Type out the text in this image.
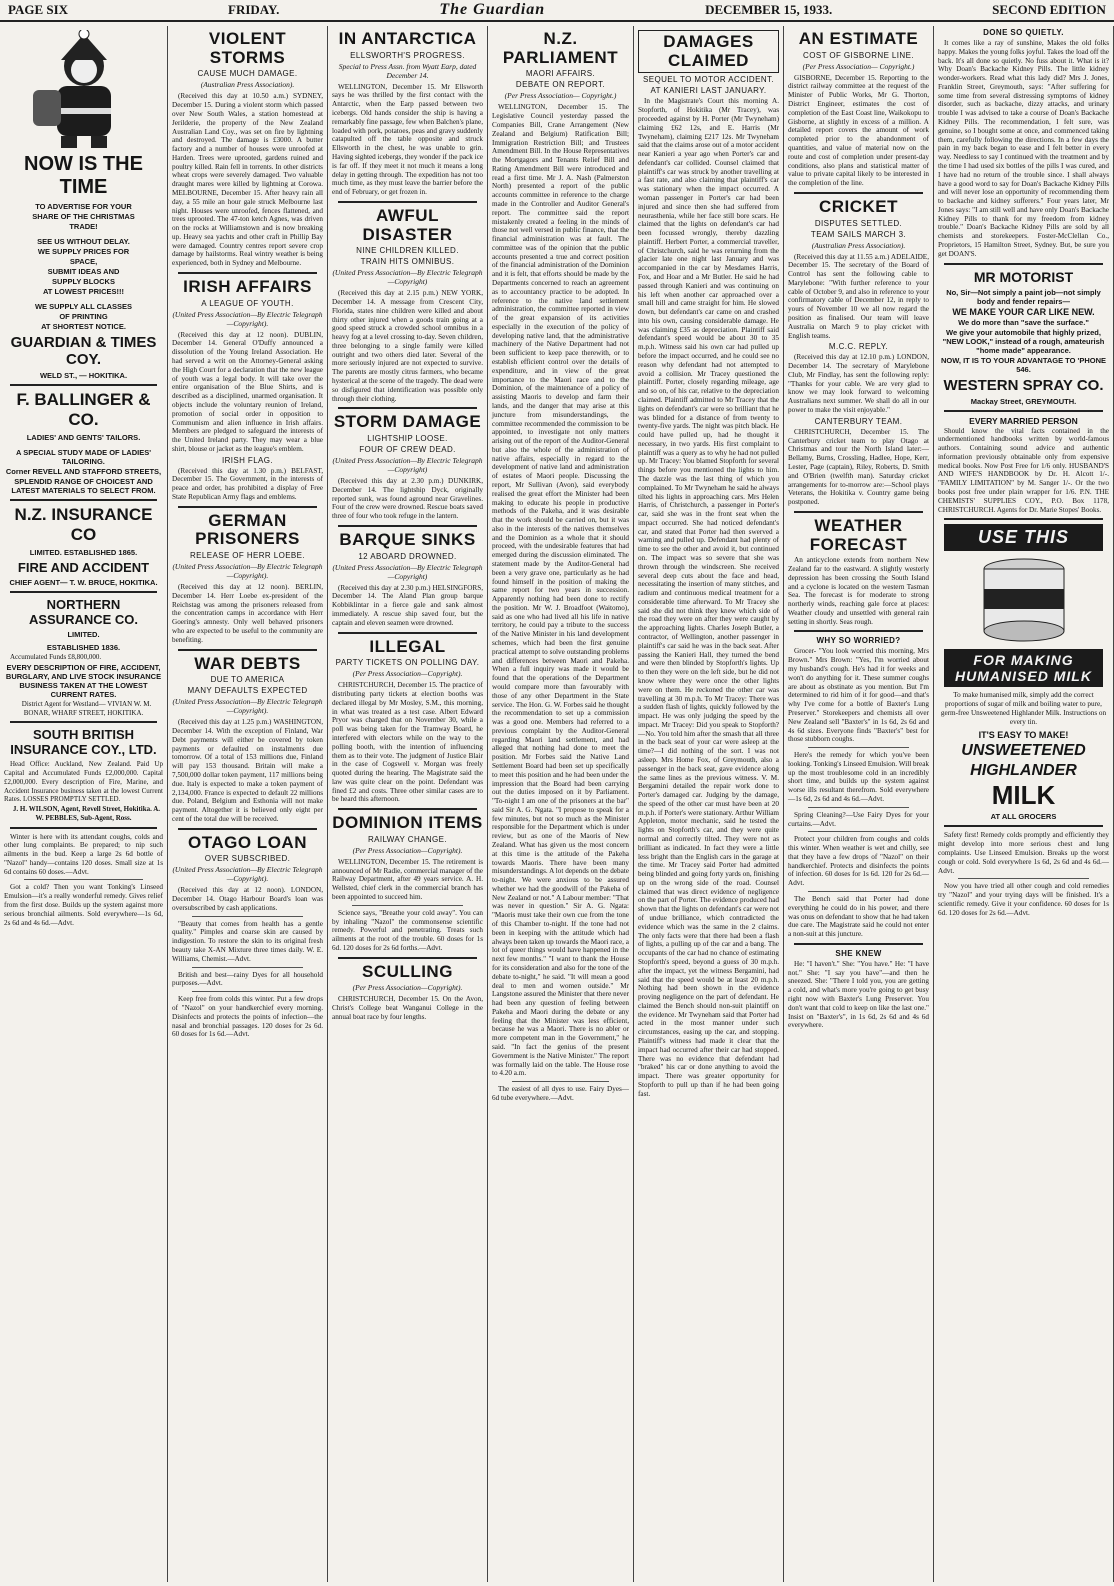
PAGE SIX	FRIDAY.	The Guardian	DECEMBER 15, 1933.	SECOND EDITION
NOW IS THE TIME
TO ADVERTISE FOR YOUR
SHARE OF THE CHRISTMAS
TRADE!
SEE US WITHOUT DELAY.
WE SUPPLY PRICES FOR
SPACE,
SUBMIT IDEAS AND
SUPPLY BLOCKS
AT LOWEST PRICES!!!
WE SUPPLY ALL CLASSES
OF PRINTING
AT SHORTEST NOTICE.
GUARDIAN & TIMES COY.
WELD ST., — HOKITIKA.
F. BALLINGER & CO.
LADIES' AND GENTS' TAILORS.
A SPECIAL STUDY MADE OF LADIES' TAILORING.
Corner REVELL AND STAFFORD STREETS,
SPLENDID RANGE OF CHOICEST AND LATEST MATERIALS TO SELECT FROM.
N.Z. INSURANCE CO
LIMITED. ESTABLISHED 1865.
FIRE AND ACCIDENT
CHIEF AGENT— T. W. BRUCE, HOKITIKA.
NORTHERN ASSURANCE CO.
LIMITED.
ESTABLISHED 1836.

Accumulated Funds £8,800,000.

EVERY DESCRIPTION OF FIRE, ACCIDENT, BURGLARY, AND LIVE STOCK INSURANCE BUSINESS TAKEN AT THE LOWEST CURRENT RATES.

District Agent for Westland— VIVIAN W. M. BONAR, WHARF STREET, HOKITIKA.

SOUTH BRITISH INSURANCE COY., LTD.

Head Office: Auckland, New Zealand. Paid Up Capital and Accumulated Funds £2,000,000. Capital £2,000,000. Every description of Fire, Marine, and Accident Insurance business taken at the lowest Current Rates. LOSSES PROMPTLY SETTLED.

J. H. WILSON, Agent, Revell Street, Hokitika. A. W. PEBBLES, Sub-Agent, Ross.

Winter is here with its attendant coughs, colds and other lung complaints. Be prepared; to nip such ailments in the bud. Keep a large 2s 6d bottle of "Nazol" handy—contains 120 doses. Small size at 1s 6d contains 60 doses.—Advt.

Got a cold? Then you want Tonking's Linseed Emulsion—it's a really wonderful remedy. Gives relief from the first dose. Builds up the system against more serious bronchial ailments. Sold everywhere—1s 6d, 2s 6d and 4s 6d.—Advt.

VIOLENT STORMS
CAUSE MUCH DAMAGE.
(Australian Press Association).

(Received this day at 10.50 a.m.) SYDNEY, December 15. During a violent storm which passed over New South Wales, a station homestead at Jerilderie, the property of the New Zealand Australian Land Coy., was set on fire by lightning and destroyed. The damage is £3000. A butter factory and a number of houses were unroofed at Harden. Trees were uprooted, gardens ruined and poultry killed. Rain fell in torrents. In other districts wheat crops were severely damaged. Two valuable draught mares were killed by lightning at Corowa. MELBOURNE, December 15. After heavy rain all day, a 55 mile an hour gale struck Melbourne last night. Houses were unroofed, fences flattened, and trees uprooted. The 47-ton ketch Agnes, was driven on the rocks at Williamstown and is now breaking up. Heavy sea yachts and other craft in Phillip Bay were damaged. Country centres report severe crop damage by hailstorms. Real wintry weather is being experienced, both in Sydney and Melbourne.

IRISH AFFAIRS
A LEAGUE OF YOUTH.
(United Press Association—By Electric Telegraph—Copyright).

(Received this day at 12 noon). DUBLIN, December 14. General O'Duffy announced a dissolution of the Young Ireland Association. He had served a writ on the Attorney-General asking the High Court for a declaration that the new league of youth was a legal body. It will take over the entire organisation of the Blue Shirts, and is described as a disciplined, unarmed organisation. It objects include the voluntary reunion of Ireland, promotion of social order in opposition to Communism and alien influence in Irish affairs. Members are pledged to safeguard the interests of the United Ireland party. They may wear a blue shirt, blouse or jacket as the league's emblem.

IRISH FLAG.

(Received this day at 1.30 p.m.) BELFAST, December 15. The Government, in the interests of peace and order, has prohibited a display of Free State Republican Army flags and emblems.

GERMAN PRISONERS
RELEASE OF HERR LOEBE.
(United Press Association—By Electric Telegraph—Copyright).

(Received this day at 12 noon). BERLIN, December 14. Herr Loebe ex-president of the Reichstag was among the prisoners released from the concentration camps in accordance with Herr Goering's amnesty. Only well behaved prisoners who are expected to be useful to the community are benefiting.

WAR DEBTS
DUE TO AMERICA
MANY DEFAULTS EXPECTED
(United Press Association—By Electric Telegraph—Copyright).

(Received this day at 1.25 p.m.) WASHINGTON, December 14. With the exception of Finland, War Debt payments will either be covered by token payments or defaulted on instalments due tomorrow. Of a total of 153 millions due, Finland will pay 153 thousand. Britain will make a 7,500,000 dollar token payment, 117 millions being due. Italy is expected to make a token payment of 2,134,000. France is expected to default 22 millions due. Poland, Belgium and Esthonia will not make payment. Altogether it is believed only eight per cent of the total due will be received.

OTAGO LOAN
OVER SUBSCRIBED.
(United Press Association—By Electric Telegraph—Copyright).

(Received this day at 12 noon). LONDON, December 14. Otago Harbour Board's loan was oversubscribed by cash applications.

"Beauty that comes from health has a gentle quality." Pimples and coarse skin are caused by indigestion. To restore the skin to its original fresh beauty take X-AN Mixture three times daily. W. E. Williams, Chemist.—Advt.

British and best—rainy Dyes for all household purposes.—Advt.

Keep free from colds this winter. Put a few drops of "Nazol" on your handkerchief every morning. Disinfects and protects the points of infection—the nasal and bronchial passages. 120 doses for 2s 6d. 60 doses for 1s 6d.—Advt.

IN ANTARCTICA
ELLSWORTH'S PROGRESS.
Special to Press Assn. from Wyatt Earp, dated December 14.

WELLINGTON, December 15. Mr Ellsworth says he was thrilled by the first contact with the Antarctic, when the Earp passed between two icebergs. Old hands consider the ship is having a remarkably fine passage, few when Balchen's plane, loaded with pork, potatoes, peas and gravy suddenly catapulted off the table opposite and struck Ellsworth in the chest, he was unable to grin. Having sighted icebergs, they wonder if the pack ice is far off. If they meet it not much it means a long delay in getting through. The expedition has not too much time, as they must leave the barrier before the end of February, or get frozen in.

AWFUL DISASTER
NINE CHILDREN KILLED.
TRAIN HITS OMNIBUS.
(United Press Association—By Electric Telegraph—Copyright)

(Received this day at 2.15 p.m.) NEW YORK, December 14. A message from Crescent City, Florida, states nine children were killed and about thirty other injured when a goods train going at a good speed struck a crowded school omnibus in a heavy fog at a level crossing to-day. Seven children, three belonging to a single family were killed outright and two others died later. Several of the more seriously injured are not expected to survive. The parents are mostly citrus farmers, who became hysterical at the scene of the tragedy. The dead were so disfigured that identification was possible only through their clothing.

STORM DAMAGE
LIGHTSHIP LOOSE.
FOUR OF CREW DEAD.
(United Press Association—By Electric Telegraph—Copyright)

(Received this day at 2.30 p.m.) DUNKIRK, December 14. The lightship Dyck, originally reported sunk, was found aground near Gravelines. Four of the crew were drowned. Rescue boats saved three of four who took refuge in the lantern.

BARQUE SINKS
12 ABOARD DROWNED.
(United Press Association—By Electric Telegraph—Copyright)

(Received this day at 2.30 p.m.) HELSINGFORS, December 14. The Aland Plan group barque Kobbiklintar in a fierce gale and sank almost immediately. A rescue ship saved four, but the captain and eleven seamen were drowned.

ILLEGAL
PARTY TICKETS ON POLLING DAY.
(Per Press Association—Copyright).

CHRISTCHURCH, December 15. The practice of distributing party tickets at election booths was declared illegal by Mr Mosley, S.M., this morning, in what was treated as a test case. Albert Edward Pryor was charged that on November 30, while a poll was being taken for the Tramway Board, he interfered with electors while on the way to the polling booth, with the intention of influencing them as to their vote. The judgment of Justice Blair in the case of Cogswell v. Morgan was freely quoted during the hearing. The Magistrate said the law was quite clear on the point. Defendant was fined £2 and costs. Three other similar cases are to be heard this afternoon.

DOMINION ITEMS
RAILWAY CHANGE.
(Per Press Association—Copyright).

WELLINGTON, December 15. The retirement is announced of Mr Radie, commercial manager of the Railway Department, after 49 years service. A. H. Wellsted, chief clerk in the commercial branch has been appointed to succeed him.

Science says, "Breathe your cold away". You can by inhaling "Nazol" the commonsense scientific remedy. Powerful and penetrating. Treats such ailments at the root of the trouble. 60 doses for 1s 6d. 120 doses for 2s 6d forths.—Advt.

SCULLING
(Per Press Association—Copyright).

CHRISTCHURCH, December 15. On the Avon, Christ's College beat Wanganui College in the annual boat race by four lengths.

N.Z. PARLIAMENT
MAORI AFFAIRS.
DEBATE ON REPORT.
(Per Press Association— Copyright.)

WELLINGTON, December 15. The Legislative Council yesterday passed the Companies Bill, Crane Arrangement (New Zealand and Belgium) Ratification Bill; Immigration Restriction Bill; and Trustees Amendment Bill. In the House Representatives the Mortgagors and Tenants Relief Bill and Rating Amendment Bill were introduced and read a first time. Mr J. A. Nash (Palmerston North) presented a report of the public accounts committee in reference to the charge made in the Controller and Auditor General's report. The committee said the report mistakenly created a feeling in the minds of those not well versed in public finance, that the financial administration was at fault. The committee was of the opinion that the public accounts presented a true and correct position of the financial administration of the Dominion and it is felt, that efforts should be made by the Departments concerned to reach an agreement as to accountancy practice to be adopted. In reference to the native land settlement administration, the committee reported in view of the great expansion of its activities especially in the execution of the policy of developing native land, that the administrative machinery of the Native Department had not been sufficient to keep pace therewith, or to establish efficient control over the details of expenditure, and in view of the great importance to the Maori race and to the Dominion, of the maintenance of a policy of assisting Maoris to develop and farm their lands, and the danger that may arise at this juncture from misunderstandings, the committee recommended the commission to be appointed, to investigate not only matters arising out of the report of the Auditor-General but also the whole of the administration of native affairs, especially in regard to the development of native land and administration of estates of Maori people. Discussing the report, Mr Sullivan (Avon), said everybody realised the great effort the Minister had been making to educate his people in productive methods of the Pakeha, and it was desirable that the work should be carried on, but it was also in the interests of the natives themselves and the Dominion as a whole that it should proceed, with the undesirable features that had emerged during the discussion eliminated. The statement made by the Auditor-General had been a very grave one, particularly as he had found himself in the position of making the same report for two years in succession. Apparently nothing had been done to rectify the position. Mr W. J. Broadfoot (Waitomo), said as one who had lived all his life in native territory, he could pay a tribute to the success of the Native Minister in his land development schemes, which had been the first genuine practical attempt to solve outstanding problems and differences between Maori and Pakeha. When a full inquiry was made it would be found that the operations of the Department would compare more than favourably with those of any other Department in the State service. The Hon. G. W. Forbes said he thought the recommendation to set up a commission was a good one. Members had referred to a previous complaint by the Auditor-General regarding Maori land settlement, and had alleged that nothing had done to meet the position. Mr Forbes said the Native Land Settlement Board had been set up specifically to meet this position and he had been under the impression that the Board had been carrying out the duties imposed on it by Parliament. "To-night I am one of the prisoners at the bar" said Sir A. G. Ngata. "I propose to speak for a few minutes, but not so much as the Minister responsible for the Department which is under review, but as one of the Maoris of New Zealand. What has given us the most concern at this time is the attitude of the Pakeha towards Maoris. There have been many misunderstandings. A lot depends on the debate to-night. We were anxious to be assured whether we had the goodwill of the Pakeha of New Zealand or not." A Labour member: "That was never in question." Sir A. G. Ngata: "Maoris must take their own cue from the tone of this Chamber to-night. If the tone had not been in keeping with the attitude which had always been taken up towards the Maori race, a lot of queer things would have happened in the next few months." "I want to thank the House for its consideration and also for the tone of the debate to-night," he said. "It will mean a good deal to men and women outside." Mr Langstone assured the Minister that there never had been any question of feeling between Pakeha and Maori during the debate or any feeling that the Minister was less efficient, because he was a Maori. There is no abler or more competent man in the Government," he said. "In fact the genius of the present Government is the Native Minister." The report was formally laid on the table. The House rose to 4.20 a.m.

The easiest of all dyes to use. Fairy Dyes—6d tube everywhere.—Advt.

DAMAGES CLAIMED
SEQUEL TO MOTOR ACCIDENT.
AT KANIERI LAST JANUARY.

In the Magistrate's Court this morning A. Stopforth, of Hokitika (Mr Tracey), was proceeded against by H. Porter (Mr Twyneham) claiming £62 12s, and E. Harris (Mr Twyneham), claiming £217 12s. Mr Twyneham said that the claims arose out of a motor accident near Kanieri a year ago when Porter's car and defendant's car collided. Counsel claimed that plaintiff's car was struck by another travelling at a fast rate, and also claiming that plaintiff's car was stationary when the impact occurred. A woman passenger in Porter's car had been injured and since then she had suffered from neurasthenia, while her face still bore scars. He claimed that the lights on defendant's car had been focussed wrongly, thereby dazzling plaintiff. Herbert Porter, a commercial traveller, of Christchurch, said he was returning from the glacier late one night last January and was accompanied in the car by Mesdames Harris, Fox, and Hoar and a Mr Butler. He said he had passed through Kanieri and was continuing on his left when another car approached over a small hill and came straight for him. He slowed down, but defendant's car came on and crashed into his own, causing considerable damage. He was claiming £35 as depreciation. Plaintiff said defendant's speed would be about 30 to 35 m.p.h. Witness said his own car had pulled up before the impact occurred, and he could see no reason why defendant had not attempted to avoid a collision. Mr Tracey questioned the plaintiff. Porter, closely regarding mileage, age and so on, of his car, relative to the depreciation claimed. Plaintiff admitted to Mr Tracey that the lights on defendant's car were so brilliant that he was blinded for a distance of from twenty to twenty-five yards. The night was pitch black. He could have pulled up, had he thought it necessary, in two yards. His first complaint to plaintiff was a query as to why he had not pulled up. Mr Tracey: You blamed Stopforth for several things before you mentioned the lights to him. The dazzle was the last thing of which you complained. To Mr Twyneham he said he always tilted his lights in approaching cars. Mrs Helen Harris, of Christchurch, a passenger in Porter's car, said she was in the front seat when the impact occurred. She had noticed defendant's car, and stated that Porter had then swerved a warning and pulled up. Defendant had plenty of time to see the other and avoid it, but continued on. The impact was so severe that she was thrown through the windscreen. She received several deep cuts about the face and head, necessitating the insertion of many stitches, and radium and continuous medical treatment for a considerable time afterward. To Mr Tracey she said she did not think they knew which side of the road they were on after they were caught by the approaching lights. Charles Joseph Butler, a contractor, of Wellington, another passenger in plaintiff's car said he was in the back seat. After passing the Kanieri Hall, they turned the bend and were then blinded by Stopforth's lights. Up to then they were on the left side, but he did not know where they were once the other lights were on them. He reckoned the other car was travelling at 30 m.p.h. To Mr Tracey: There was a sudden flash of lights, quickly followed by the impact. He was only judging the speed by the impact. Mr Tracey: Did you speak to Stopforth?—No. You told him after the smash that all three in the back seat of your car were asleep at the time?—I did nothing of the sort. I was not asleep. Mrs Home Fox, of Greymouth, also a passenger in the back seat, gave evidence along the same lines as the previous witness. V. M. Bergamini detailed the repair work done to Porter's damaged car. Judging by the damage, the speed of the other car must have been at 20 m.p.h. if Porter's were stationary. Arthur William Appleton, motor mechanic, said he tested the lights on Stopforth's car, and they were quite normal and correctly tilted. They were not as brilliant as indicated. In fact they were a little less bright than the English cars in the garage at the time. Mr Tracey said Porter had admitted being blinded and going forty yards on, finishing up on the wrong side of the road. Counsel claimed that was direct evidence of negligence on the part of Porter. The evidence produced had shown that the lights on defendant's car were not of undue brilliance, which contradicted the evidence which was the same in the 2 claims. The only facts were that there had been a flash of lights, a pulling up of the car and a bang. The occupants of the car had no chance of estimating Stopforth's speed, beyond a guess of 30 m.p.h. after the impact, yet the witness Bergamini, had said that the speed would be at least 20 m.p.h. Nothing had been shown in the evidence proving negligence on the part of defendant. He claimed the Bench should non-suit plaintiff on the evidence. Mr Twyneham said that Porter had acted in the most manner under such circumstances, easing up the car, and stopping. Plaintiff's witness had made it clear that the impact had occurred after their car had stopped. There was no evidence that defendant had "braked" his car or done anything to avoid the impact. There was greater opportunity for Stopforth to pull up than if he had been going fast.

AN ESTIMATE
COST OF GISBORNE LINE.
(Per Press Association— Copyright.)

GISBORNE, December 15. Reporting to the district railway committee at the request of the Minister of Public Works, Mr G. Thorton, District Engineer, estimates the cost of completion of the East Coast line, Waikokopu to Gisborne, at slightly in excess of a million. A detailed report covers the amount of work completed prior to the abandonment of quantities, and value of material now on the route and cost of completion under present-day conditions, also plans and statistical matter of value to private capital likely to be interested in the completion of the line.

CRICKET
DISPUTES SETTLED.
TEAM SAILS MARCH 3.
(Australian Press Association).

(Received this day at 11.55 a.m.) ADELAIDE, December 15. The secretary of the Board of Control has sent the following cable to Marylebone: "With further reference to your cable of October 9, and also in reference to your confirmatory cable of December 12, in reply to yours of November 10 we all now regard the position as finalised. Our team will leave Australia on March 9 to play cricket with English teams.

M.C.C. REPLY.

(Received this day at 12.10 p.m.) LONDON, December 14. The secretary of Marylebone Club, Mr Findlay, has sent the following reply: "Thanks for your cable. We are very glad to know we may look forward to welcoming Australians next summer. We shall do all in our power to make the visit enjoyable."

CANTERBURY TEAM.

CHRISTCHURCH, December 15. The Canterbury cricket team to play Otago at Christmas and tour the North Island later:—Bellamy, Burns, Crossling, Hadlee, Hope, Kerr, Lester, Page (captain), Riley, Roberts, D. Smith and O'Brien (twelfth man). Saturday cricket arrangements for to-morrow are:—School plays Veterans, the Hokitika v. Country game being postponed.

WEATHER FORECAST

An anticyclone extends from northern New Zealand far to the eastward. A slightly westerly depression has been crossing the South Island and a cyclone is located on the western Tasman Sea. The forecast is for moderate to strong northerly winds, reaching gale force at places: Weather cloudy and unsettled with general rain setting in shortly. Seas rough.

WHY SO WORRIED?

Grocer- "You look worried this morning, Mrs Brown." Mrs Brown: "Yes, I'm worried about my husband's cough. He's had it for weeks and won't do anything for it. These summer coughs are about as obstinate as you mention. But I'm determined to rid him of it for good—and that's why I've come for a bottle of Baxter's Lung Preserver." Storekeepers and chemists all over New Zealand sell "Baxter's" in 1s 6d, 2s 6d and 4s 6d sizes. Everyone finds "Baxter's" best for those stubborn coughs.

Here's the remedy for which you've been looking. Tonking's Linseed Emulsion. Will break up the most troublesome cold in an incredibly short time, and builds up the system against worse ills resultant therefrom. Sold everywhere—1s 6d, 2s 6d and 4s 6d.—Advt.

Spring Cleaning?—Use Fairy Dyes for your curtains.—Advt.

Protect your children from coughs and colds this winter. When weather is wet and chilly, see that they have a few drops of "Nazol" on their handkerchief. Protects and disinfects the points of infection. 60 doses for 1s 6d. 120 for 2s 6d.—Advt.

The Bench said that Porter had done everything he could do in his power, and there was onus on defendant to show that he had taken due care. The Magistrate said he could not enter a non-suit at this juncture.

SHE KNEW

He: "I haven't." She: "You have." He: "I have not." She: "I say you have"—and then he sneezed. She: "There I told you, you are getting a cold, and what's more you're going to get busy right now with Baxter's Lung Preserver. You don't want that cold to keep on like the last one." Insist on "Baxter's", in 1s 6d, 2s 6d and 4s 6d everywhere.

DONE SO QUIETLY.

It comes like a ray of sunshine, Makes the old folks happy. Makes the young folks joyful. Takes the load off the back. It's all done so quietly. No fuss about it. What is it? Why Doan's Backache Kidney Pills. The little kidney wonder-workers. Read what this lady did? Mrs J. Jones, Franklin Street, Greymouth, says: "After suffering for some time from several distressing symptoms of kidney disorder, such as backache, dizzy attacks, and urinary trouble I was advised to take a course of Doan's Backache Kidney Pills. The recommendation, I felt sure, was genuine, so I bought some at once, and commenced taking them, carefully following the directions. In a few days the pain in my back began to ease and I felt better in every way. Needless to say I continued with the treatment and by the time I had used six bottles of the pills I was cured, and I have had no return of the trouble since. I shall always have a good word to say for Doan's Backache Kidney Pills and will never lose an opportunity of recommending them to backache and kidney sufferers." Four years later, Mr Jones says: "I am still well and have only Doan's Backache Kidney Pills to thank for my freedom from kidney trouble." Doan's Backache Kidney Pills are sold by all chemists and storekeepers. Foster-McClellan Co., Proprietors, 15 Hamilton Street, Sydney. But, be sure you get DOAN'S.

MR MOTORIST
No, Sir—Not simply a paint job—not simply body and fender repairs—
WE MAKE YOUR CAR LIKE NEW.
We do more than "save the surface."
We give your automobile that highly prized, "NEW LOOK," instead of a rough, amateurish "home made" appearance.
NOW, IT IS TO YOUR ADVANTAGE TO 'PHONE 546.
WESTERN SPRAY CO.
Mackay Street, GREYMOUTH.
EVERY MARRIED PERSON

Should know the vital facts contained in the undermentioned handbooks written by world-famous authors. Containing sound advice and authentic information previously obtainable only from expensive medical books. Now Post Free for 1/6 only. HUSBAND'S AND WIFE'S HANDBOOK by Dr. H. Alcott 1/-. "FAMILY LIMITATION" by M. Sanger 1/-. Or the two books post free under plain wrapper for 1/6. P.N. THE CHEMISTS' SUPPLIES COY., P.O. Box 1178, CHRISTCHURCH. Agents for Dr. Marie Stopes' Books.

USE THIS
FOR MAKING HUMANISED MILK

To make humanised milk, simply add the correct proportions of sugar of milk and boiling water to pure, germ-free Unsweetened Highlander Milk. Instructions on every tin.

IT'S EASY TO MAKE!
UNSWEETENED
HIGHLANDER
MILK
AT ALL GROCERS

Safety first! Remedy colds promptly and efficiently they might develop into more serious chest and lung complaints. Use Linseed Emulsion. Breaks up the worst cough or cold. Sold everywhere 1s 6d, 2s 6d and 4s 6d.—Advt.

Now you have tried all other cough and cold remedies try "Nazol" and your trying days will be finished. It's a scientific remedy. Give it your confidence. 60 doses for 1s 6d. 120 doses for 2s 6d.—Advt.
